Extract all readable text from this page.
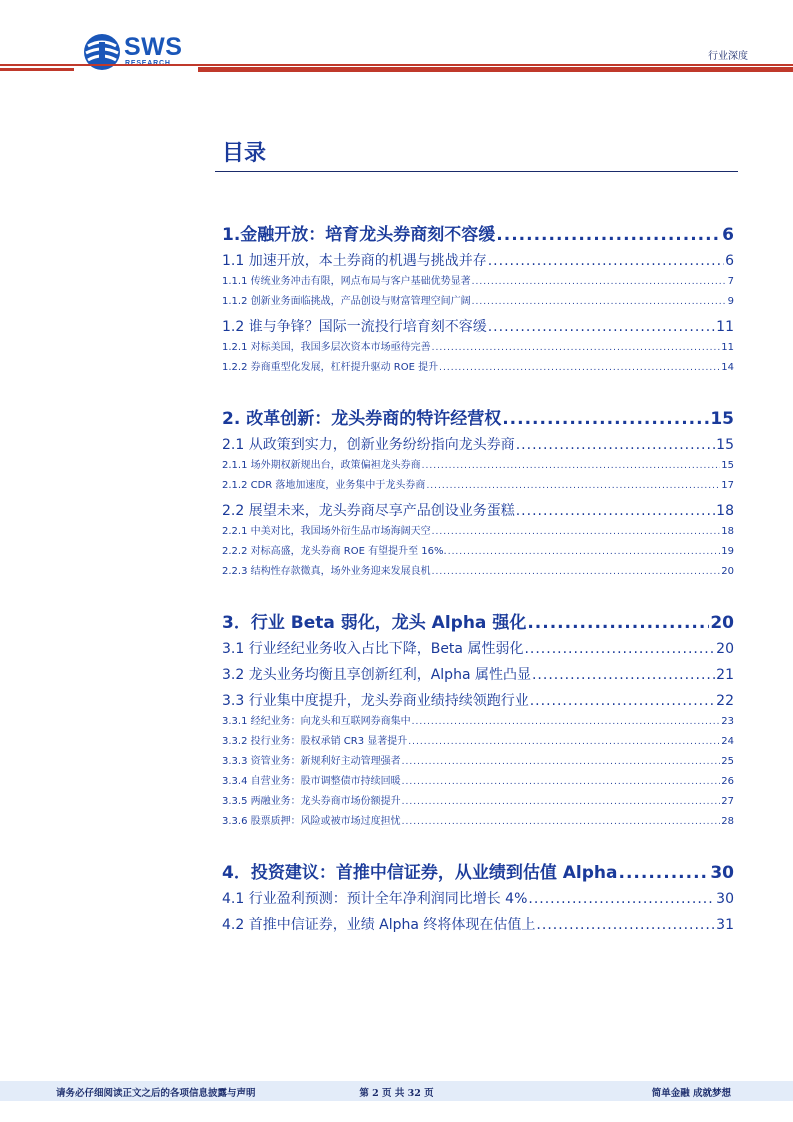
SWS	行业深度
目录
1.金融开放：培育龙头券商刻不容缓 .....	6
1.1 加速开放，本土券商的机遇与挑战并存 .....	6
1.1.1 传统业务冲击有限，网点布局与客户基础优势显著 .....	7
1.1.2 创新业务面临挑战，产品创设与财富管理空间广阔 .....	9
1.2 谁与争锋？国际一流投行培育刻不容缓 .....	11
1.2.1 对标美国，我国多层次资本市场亟待完善 .....	11
1.2.2 券商重型化发展，杠杆提升驱动 ROE 提升 .....	14
2. 改革创新：龙头券商的特许经营权 .....	15
2.1 从政策到实力，创新业务纷纷指向龙头券商 .....	15
2.1.1 场外期权新规出台，政策偏袒龙头券商 .....	15
2.1.2 CDR 落地加速度，业务集中于龙头券商 .....	17
2.2 展望未来，龙头券商尽享产品创设业务蛋糕 .....	18
2.2.1 中美对比，我国场外衍生品市场海阔天空 .....	18
2.2.2 对标高盛，龙头券商 ROE 有望提升至 16%. .....	19
2.2.3 结构性存款微真，场外业务迎来发展良机 .....	20
3．行业 Beta 弱化，龙头 Alpha 强化 .....	20
3.1 行业经纪业务收入占比下降，Beta 属性弱化 .....	20
3.2 龙头业务均衡且享创新红利，Alpha 属性凸显 .....	21
3.3 行业集中度提升，龙头券商业绩持续领跑行业 .....	22
3.3.1 经纪业务：向龙头和互联网券商集中 .....	23
3.3.2 投行业务：股权承销 CR3 显著提升 .....	24
3.3.3 资管业务：新规利好主动管理强者 .....	25
3.3.4 自营业务：股市调整债市持续回暖 .....	26
3.3.5 两融业务：龙头券商市场份额提升 .....	27
3.3.6 股票质押：风险或被市场过度担忧 .....	28
4．投资建议：首推中信证券，从业绩到估值 Alpha .....	30
4.1 行业盈利预测：预计全年净利润同比增长 4% .....	30
4.2 首推中信证券，业绩 Alpha 终将体现在估值上 .....	31
请务必仔细阅读正文之后的各项信息披露与声明	第 2 页 共 32 页	简单金融 成就梦想
